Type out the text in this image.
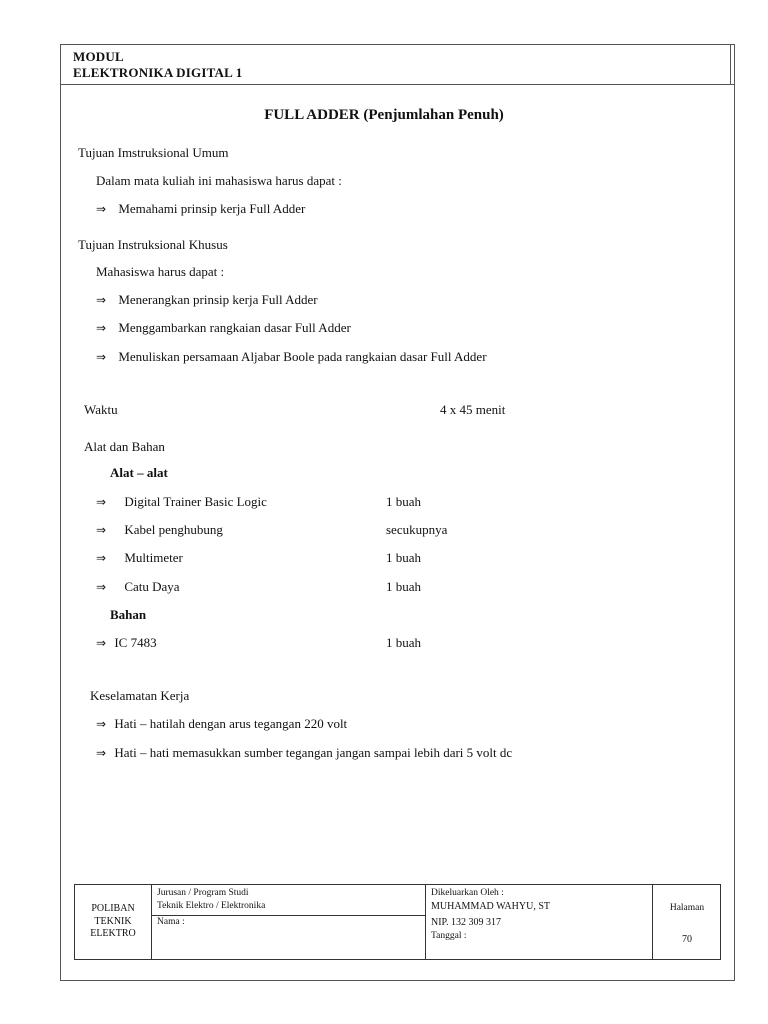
MODUL
ELEKTRONIKA DIGITAL 1
FULL ADDER (Penjumlahan Penuh)
Tujuan Imstruksional Umum
Dalam mata kuliah ini mahasiswa harus dapat :
⇒ Memahami prinsip kerja Full Adder
Tujuan Instruksional Khusus
Mahasiswa harus dapat :
⇒ Menerangkan prinsip kerja Full Adder
⇒ Menggambarkan rangkaian dasar Full Adder
⇒ Menuliskan persamaan Aljabar Boole pada rangkaian dasar Full Adder
Waktu	4 x 45 menit
Alat dan Bahan
Alat – alat
⇒ Digital Trainer Basic Logic	1 buah
⇒ Kabel penghubung	secukupnya
⇒ Multimeter	1 buah
⇒ Catu Daya	1 buah
Bahan
⇒ IC 7483	1 buah
Keselamatan Kerja
⇒ Hati – hatilah dengan arus tegangan 220 volt
⇒ Hati – hati memasukkan sumber tegangan jangan sampai lebih dari 5 volt dc
POLIBAN
TEKNIK
ELEKTRO
Jurusan / Program Studi
Teknik Elektro / Elektronika
Nama :
Dikeluarkan Oleh :
MUHAMMAD WAHYU, ST
NIP. 132 309 317
Tanggal :
Halaman
70
